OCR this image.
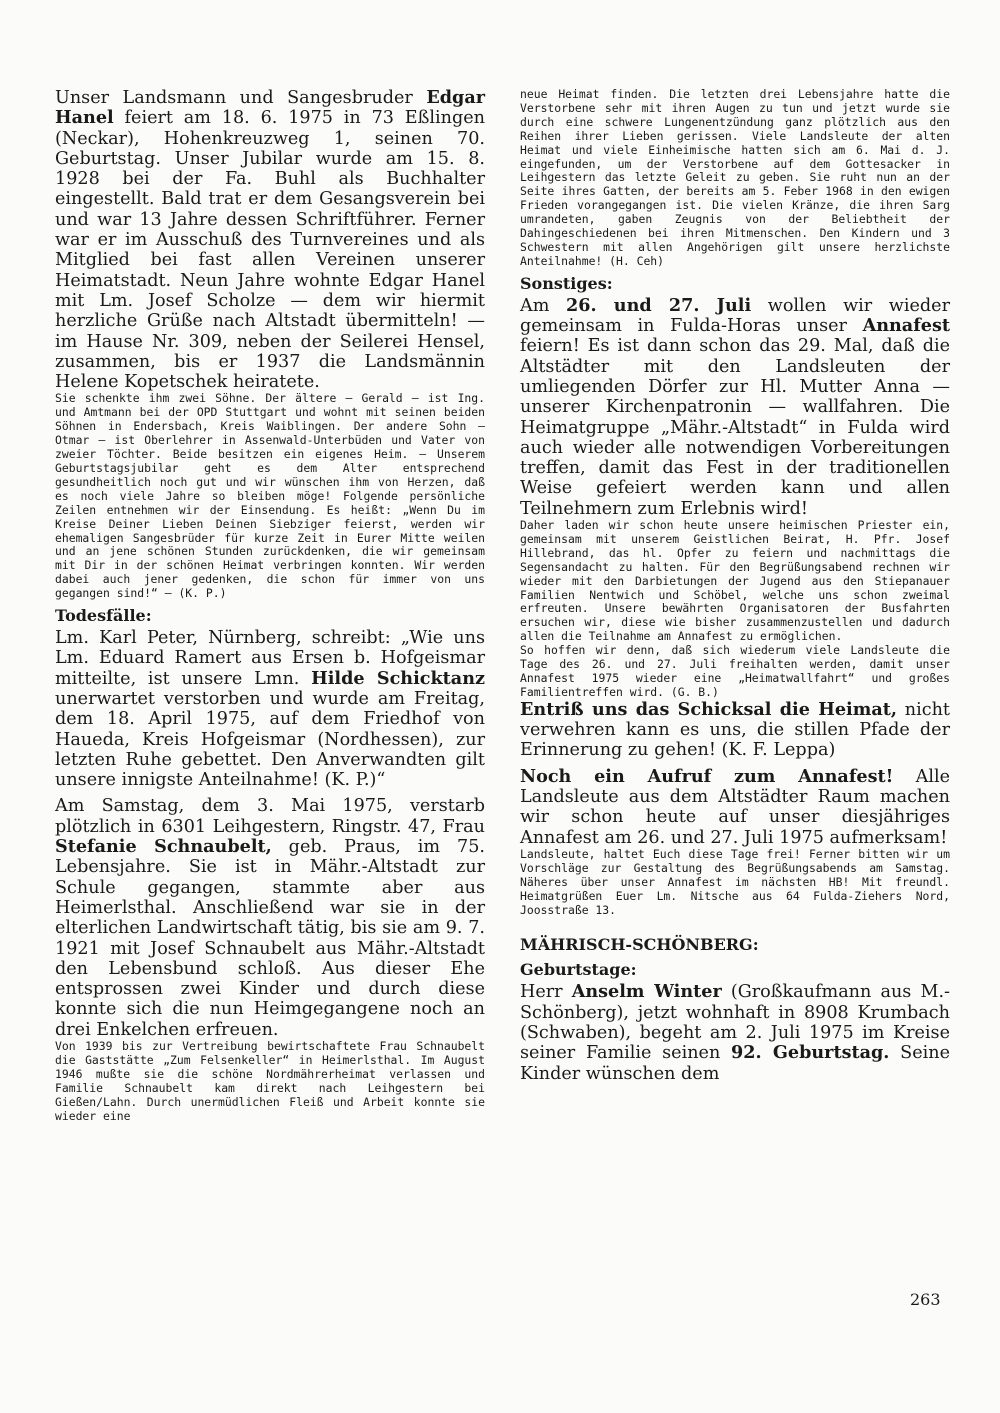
Unser Landsmann und Sangesbruder Edgar Hanel feiert am 18. 6. 1975 in 73 Eßlingen (Neckar), Hohenkreuzweg 1, seinen 70. Geburtstag. Unser Jubilar wurde am 15. 8. 1928 bei der Fa. Buhl als Buchhalter eingestellt. Bald trat er dem Gesangsverein bei und war 13 Jahre dessen Schriftführer. Ferner war er im Ausschuß des Turnvereines und als Mitglied bei fast allen Vereinen unserer Heimatstadt. Neun Jahre wohnte Edgar Hanel mit Lm. Josef Scholze — dem wir hiermit herzliche Grüße nach Altstadt übermitteln! — im Hause Nr. 309, neben der Seilerei Hensel, zusammen, bis er 1937 die Landsmännin Helene Kopetschek heiratete.

Sie schenkte ihm zwei Söhne. Der ältere – Gerald – ist Ing. und Amtmann bei der OPD Stuttgart und wohnt mit seinen beiden Söhnen in Endersbach, Kreis Waiblingen. Der andere Sohn – Otmar – ist Oberlehrer in Assenwald-Unterbüden und Vater von zweier Töchter. Beide besitzen ein eigenes Heim. – Unserem Geburtstagsjubilar geht es dem Alter entsprechend gesundheitlich noch gut und wir wünschen ihm von Herzen, daß es noch viele Jahre so bleiben möge! Folgende persönliche Zeilen entnehmen wir der Einsendung. Es heißt: „Wenn Du im Kreise Deiner Lieben Deinen Siebziger feierst, werden wir ehemaligen Sangesbrüder für kurze Zeit in Eurer Mitte weilen und an jene schönen Stunden zurückdenken, die wir gemeinsam mit Dir in der schönen Heimat verbringen konnten. Wir werden dabei auch jener gedenken, die schon für immer von uns gegangen sind!“ – (K. P.)

Todesfälle:

Lm. Karl Peter, Nürnberg, schreibt: „Wie uns Lm. Eduard Ramert aus Ersen b. Hofgeismar mitteilte, ist unsere Lmn. Hilde Schicktanz unerwartet verstorben und wurde am Freitag, dem 18. April 1975, auf dem Friedhof von Haueda, Kreis Hofgeismar (Nordhessen), zur letzten Ruhe gebettet. Den Anverwandten gilt unsere innigste Anteilnahme! (K. P.)“

Am Samstag, dem 3. Mai 1975, verstarb plötzlich in 6301 Leihgestern, Ringstr. 47, Frau Stefanie Schnaubelt, geb. Praus, im 75. Lebensjahre. Sie ist in Mähr.-Altstadt zur Schule gegangen, stammte aber aus Heimerlsthal. Anschließend war sie in der elterlichen Landwirtschaft tätig, bis sie am 9. 7. 1921 mit Josef Schnaubelt aus Mähr.-Altstadt den Lebensbund schloß. Aus dieser Ehe entsprossen zwei Kinder und durch diese konnte sich die nun Heimgegangene noch an drei Enkelchen erfreuen.

Von 1939 bis zur Vertreibung bewirtschaftete Frau Schnaubelt die Gaststätte „Zum Felsenkeller“ in Heimerlsthal. Im August 1946 mußte sie die schöne Nordmährerheimat verlassen und Familie Schnaubelt kam direkt nach Leihgestern bei Gießen/Lahn. Durch unermüdlichen Fleiß und Arbeit konnte sie wieder eine

neue Heimat finden. Die letzten drei Lebensjahre hatte die Verstorbene sehr mit ihren Augen zu tun und jetzt wurde sie durch eine schwere Lungenentzündung ganz plötzlich aus den Reihen ihrer Lieben gerissen. Viele Landsleute der alten Heimat und viele Einheimische hatten sich am 6. Mai d. J. eingefunden, um der Verstorbene auf dem Gottesacker in Leihgestern das letzte Geleit zu geben. Sie ruht nun an der Seite ihres Gatten, der bereits am 5. Feber 1968 in den ewigen Frieden vorangegangen ist. Die vielen Kränze, die ihren Sarg umrandeten, gaben Zeugnis von der Beliebtheit der Dahingeschiedenen bei ihren Mitmenschen. Den Kindern und 3 Schwestern mit allen Angehörigen gilt unsere herzlichste Anteilnahme! (H. Ceh)

Sonstiges:

Am 26. und 27. Juli wollen wir wieder gemeinsam in Fulda-Horas unser Annafest feiern! Es ist dann schon das 29. Mal, daß die Altstädter mit den Landsleuten der umliegenden Dörfer zur Hl. Mutter Anna — unserer Kirchenpatronin — wallfahren. Die Heimatgruppe „Mähr.-Altstadt“ in Fulda wird auch wieder alle notwendigen Vorbereitungen treffen, damit das Fest in der traditionellen Weise gefeiert werden kann und allen Teilnehmern zum Erlebnis wird!

Daher laden wir schon heute unsere heimischen Priester ein, gemeinsam mit unserem Geistlichen Beirat, H. Pfr. Josef Hillebrand, das hl. Opfer zu feiern und nachmittags die Segensandacht zu halten. Für den Begrüßungsabend rechnen wir wieder mit den Darbietungen der Jugend aus den Stiepanauer Familien Nentwich und Schöbel, welche uns schon zweimal erfreuten. Unsere bewährten Organisatoren der Busfahrten ersuchen wir, diese wie bisher zusammenzustellen und dadurch allen die Teilnahme am Annafest zu ermöglichen.

So hoffen wir denn, daß sich wiederum viele Landsleute die Tage des 26. und 27. Juli freihalten werden, damit unser Annafest 1975 wieder eine „Heimatwallfahrt“ und großes Familientreffen wird. (G. B.)

Entriß uns das Schicksal die Heimat, nicht verwehren kann es uns, die stillen Pfade der Erinnerung zu gehen! (K. F. Leppa)

Noch ein Aufruf zum Annafest! Alle Landsleute aus dem Altstädter Raum machen wir schon heute auf unser diesjähriges Annafest am 26. und 27. Juli 1975 aufmerksam!

Landsleute, haltet Euch diese Tage frei! Ferner bitten wir um Vorschläge zur Gestaltung des Begrüßungsabends am Samstag. Näheres über unser Annafest im nächsten HB! Mit freundl. Heimatgrüßen Euer Lm. Nitsche aus 64 Fulda-Ziehers Nord, Joosstraße 13.

MÄHRISCH-SCHÖNBERG:
Geburtstage:

Herr Anselm Winter (Großkaufmann aus M.-Schönberg), jetzt wohnhaft in 8908 Krumbach (Schwaben), begeht am 2. Juli 1975 im Kreise seiner Familie seinen 92. Geburtstag. Seine Kinder wünschen dem

263
